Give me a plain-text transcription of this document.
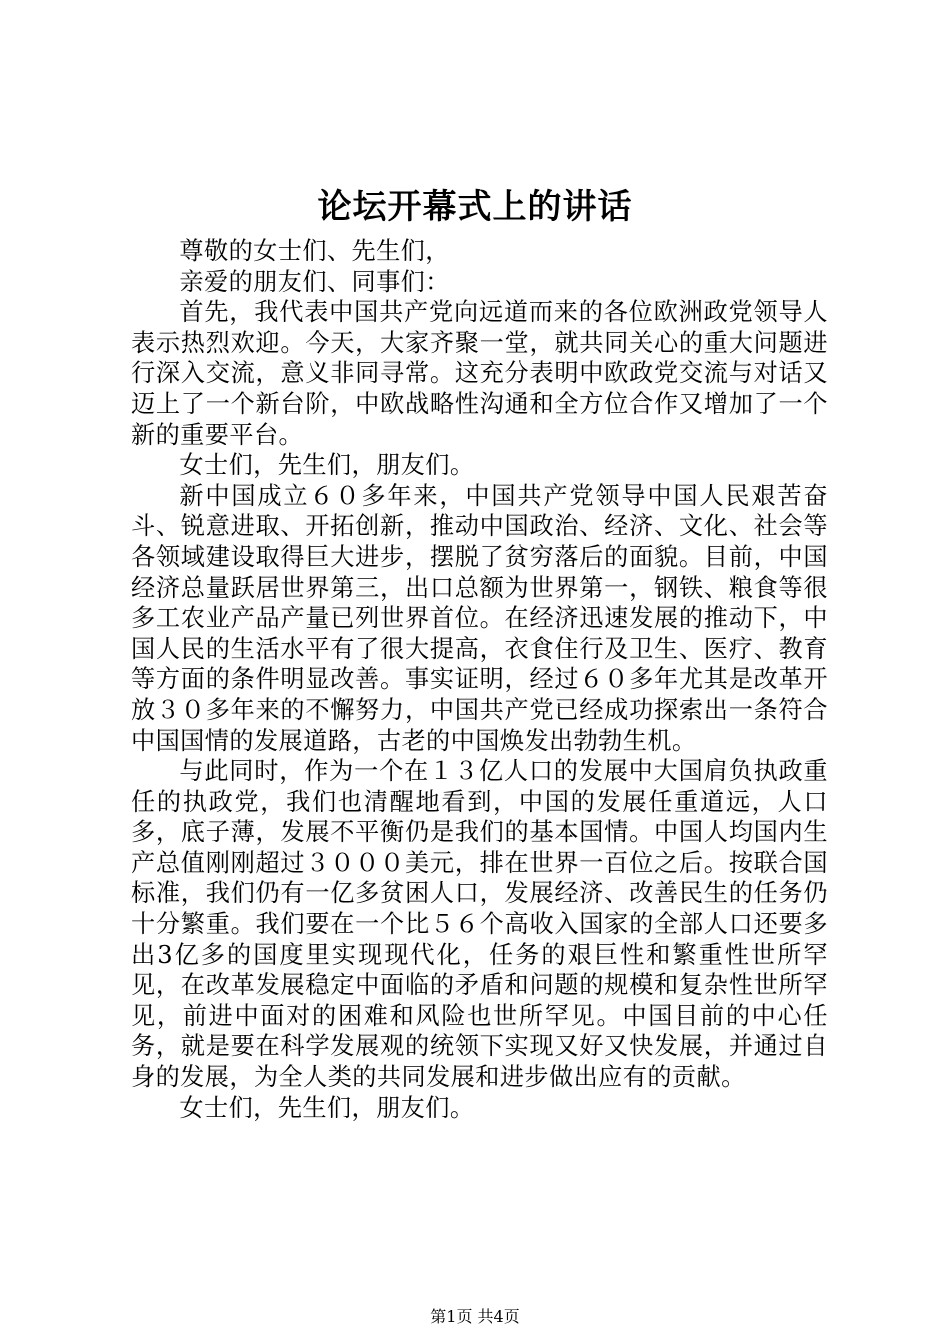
论坛开幕式上的讲话

尊敬的女士们、先生们，

亲爱的朋友们、同事们：

首先，我代表中国共产党向远道而来的各位欧洲政党领导人表示热烈欢迎。今天，大家齐聚一堂，就共同关心的重大问题进行深入交流，意义非同寻常。这充分表明中欧政党交流与对话又迈上了一个新台阶，中欧战略性沟通和全方位合作又增加了一个新的重要平台。

女士们，先生们，朋友们。

新中国成立６０多年来，中国共产党领导中国人民艰苦奋斗、锐意进取、开拓创新，推动中国政治、经济、文化、社会等各领域建设取得巨大进步，摆脱了贫穷落后的面貌。目前，中国经济总量跃居世界第三，出口总额为世界第一，钢铁、粮食等很多工农业产品产量已列世界首位。在经济迅速发展的推动下，中国人民的生活水平有了很大提高，衣食住行及卫生、医疗、教育等方面的条件明显改善。事实证明，经过６０多年尤其是改革开放３０多年来的不懈努力，中国共产党已经成功探索出一条符合中国国情的发展道路，古老的中国焕发出勃勃生机。

与此同时，作为一个在１３亿人口的发展中大国肩负执政重任的执政党，我们也清醒地看到，中国的发展任重道远，人口多，底子薄，发展不平衡仍是我们的基本国情。中国人均国内生产总值刚刚超过３０００美元，排在世界一百位之后。按联合国标准，我们仍有一亿多贫困人口，发展经济、改善民生的任务仍十分繁重。我们要在一个比５６个高收入国家的全部人口还要多出3亿多的国度里实现现代化，任务的艰巨性和繁重性世所罕见，在改革发展稳定中面临的矛盾和问题的规模和复杂性世所罕见，前进中面对的困难和风险也世所罕见。中国目前的中心任务，就是要在科学发展观的统领下实现又好又快发展，并通过自身的发展，为全人类的共同发展和进步做出应有的贡献。

女士们，先生们，朋友们。

第1页 共4页
